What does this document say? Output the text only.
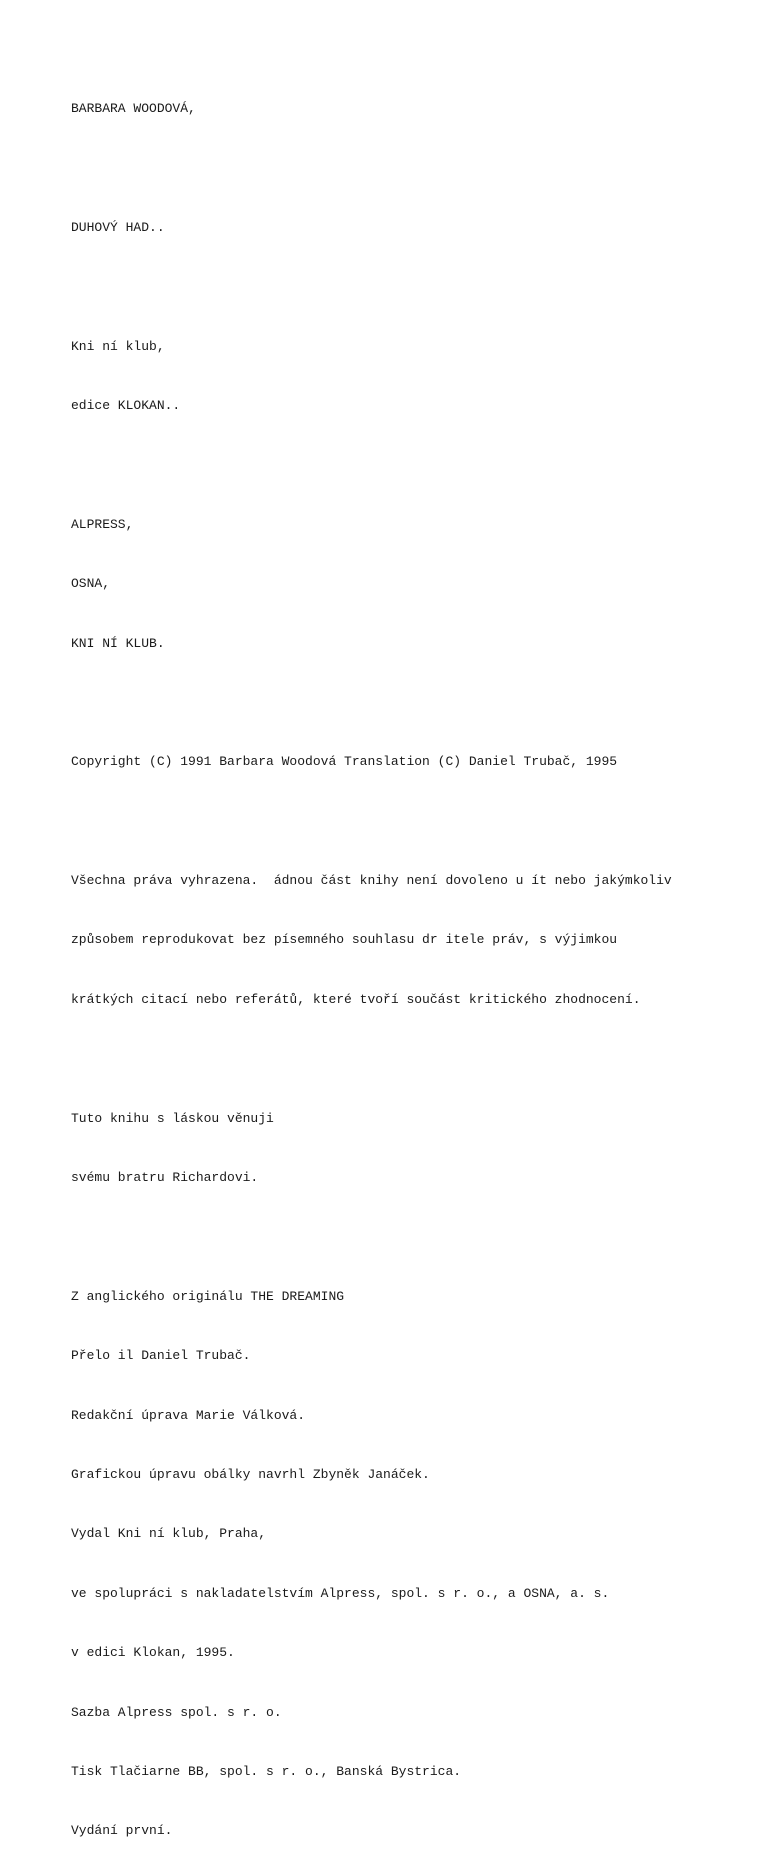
BARBARA WOODOVÁ,

DUHOVÝ HAD..

Kni ní klub,

edice KLOKAN..

ALPRESS,

OSNA,

KNI NÍ KLUB.

Copyright (C) 1991 Barbara Woodová Translation (C) Daniel Trubač, 1995

Všechna práva vyhrazena.  ádnou část knihy není dovoleno u ít nebo jakýmkoliv

způsobem reprodukovat bez písemného souhlasu dr itele práv, s výjimkou

krátkých citací nebo referátů, které tvoří součást kritického zhodnocení.

Tuto knihu s láskou věnuji

svému bratru Richardovi.

Z anglického originálu THE DREAMING

Přelo il Daniel Trubač.

Redakční úprava Marie Válková.

Grafickou úpravu obálky navrhl Zbyněk Janáček.

Vydal Kni ní klub, Praha,

ve spolupráci s nakladatelstvím Alpress, spol. s r. o., a OSNA, a. s.

v edici Klokan, 1995.

Sazba Alpress spol. s r. o.

Tisk Tlačiarne BB, spol. s r. o., Banská Bystrica.

Vydání první.
